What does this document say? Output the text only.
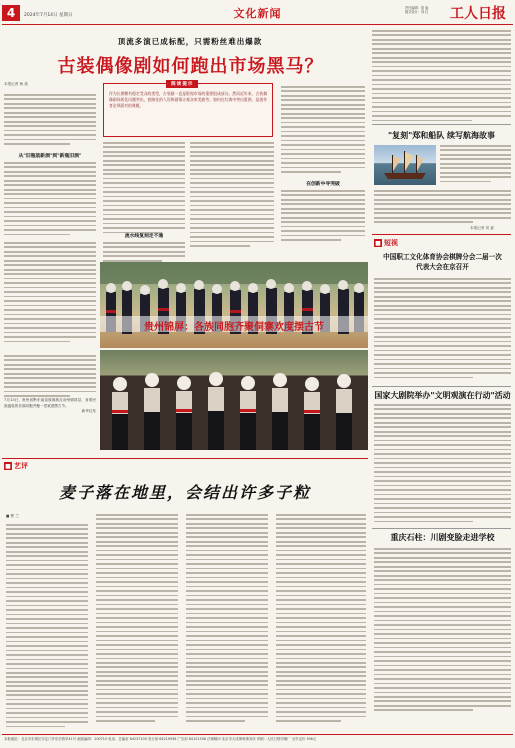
4 2024年7月14日 星期日	文化新闻	责任编辑：梁 毅
版式设计：刘 红 工人日报
顶流多演已成标配，只需粉丝难出爆款
古装偶像剧如何跑出市场黑马？
本报记者 杨 欢
从"旧瓶装新酒"到"新瓶旧酒"
阅读提示
作为长期拥有稳定受众的类型，古装剧一直是影视市场的重要组成部分。然而近年来，古装偶像剧同质化问题突出，套路化的人设和剧情让观众审美疲劳。如何在红海中突出重围，是创作者必须面对的课题。
流水线复刻走不通
在创新中寻突破
"复刻"郑和船队 续写航海故事
本报记者 刘 嘉
■ 短视
中国职工文化体育协会棋牌分会二届一次代表大会在京召开
国家大剧院举办"文明观演在行动"活动
重庆石柱：川剧变脸走进学校
贵州锦屏：各族同胞齐聚侗寨欢度摆古节
7月13日，贵州省黔东南苗族侗族自治州锦屏县，身着民族盛装的各族同胞齐聚一堂欢度摆古节。
新华社发
■ 艺评
麦子落在地里，会结出许多子粒
■ 曹 兰
本报地址：北京市东城区安定门外东后巷甲41号 邮政编码：100710 电话：总编室 64237100 发行部 64219936 广告部 84151506 法律顾问 北京市大成律师事务所 印刷：人民日报印刷厂 全年定价 396元
